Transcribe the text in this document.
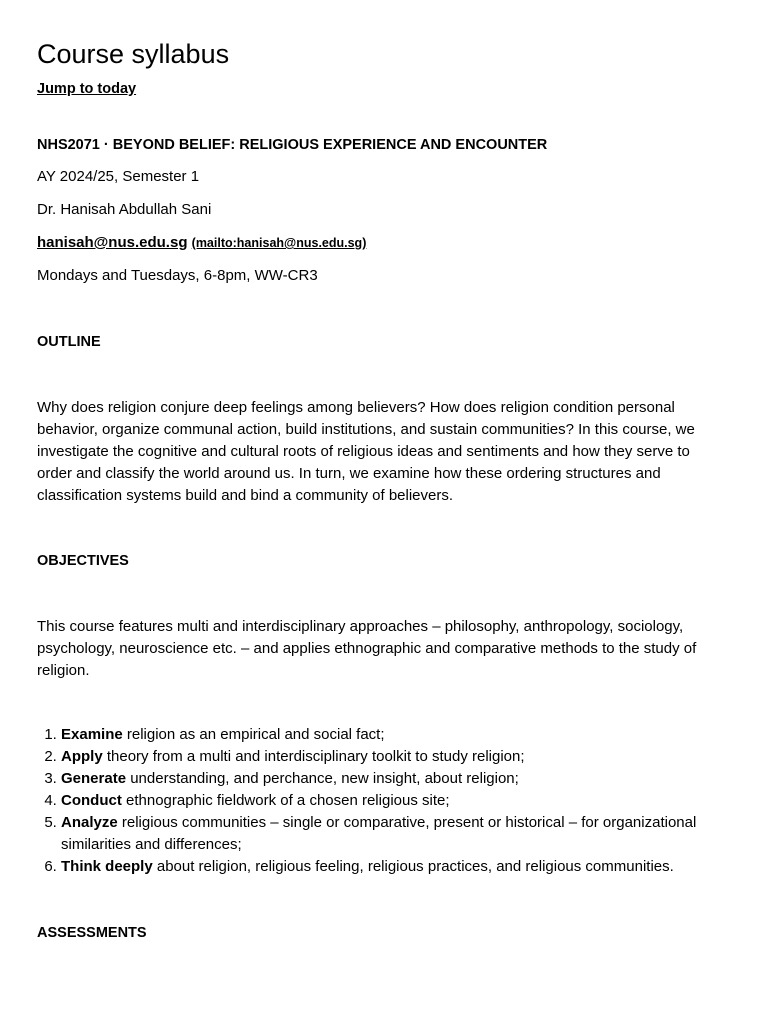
Course syllabus
Jump to today

NHS2071 · BEYOND BELIEF: RELIGIOUS EXPERIENCE AND ENCOUNTER

AY 2024/25, Semester 1

Dr. Hanisah Abdullah Sani

hanisah@nus.edu.sg (mailto:hanisah@nus.edu.sg)

Mondays and Tuesdays, 6-8pm, WW-CR3

OUTLINE

Why does religion conjure deep feelings among believers? How does religion condition personal behavior, organize communal action, build institutions, and sustain communities? In this course, we investigate the cognitive and cultural roots of religious ideas and sentiments and how they serve to order and classify the world around us. In turn, we examine how these ordering structures and classification systems build and bind a community of believers.

OBJECTIVES

This course features multi and interdisciplinary approaches – philosophy, anthropology, sociology, psychology, neuroscience etc. – and applies ethnographic and comparative methods to the study of religion.

1. Examine religion as an empirical and social fact;
2. Apply theory from a multi and interdisciplinary toolkit to study religion;
3. Generate understanding, and perchance, new insight, about religion;
4. Conduct ethnographic fieldwork of a chosen religious site;
5. Analyze religious communities – single or comparative, present or historical – for organizational similarities and differences;
6. Think deeply about religion, religious feeling, religious practices, and religious communities.

ASSESSMENTS
